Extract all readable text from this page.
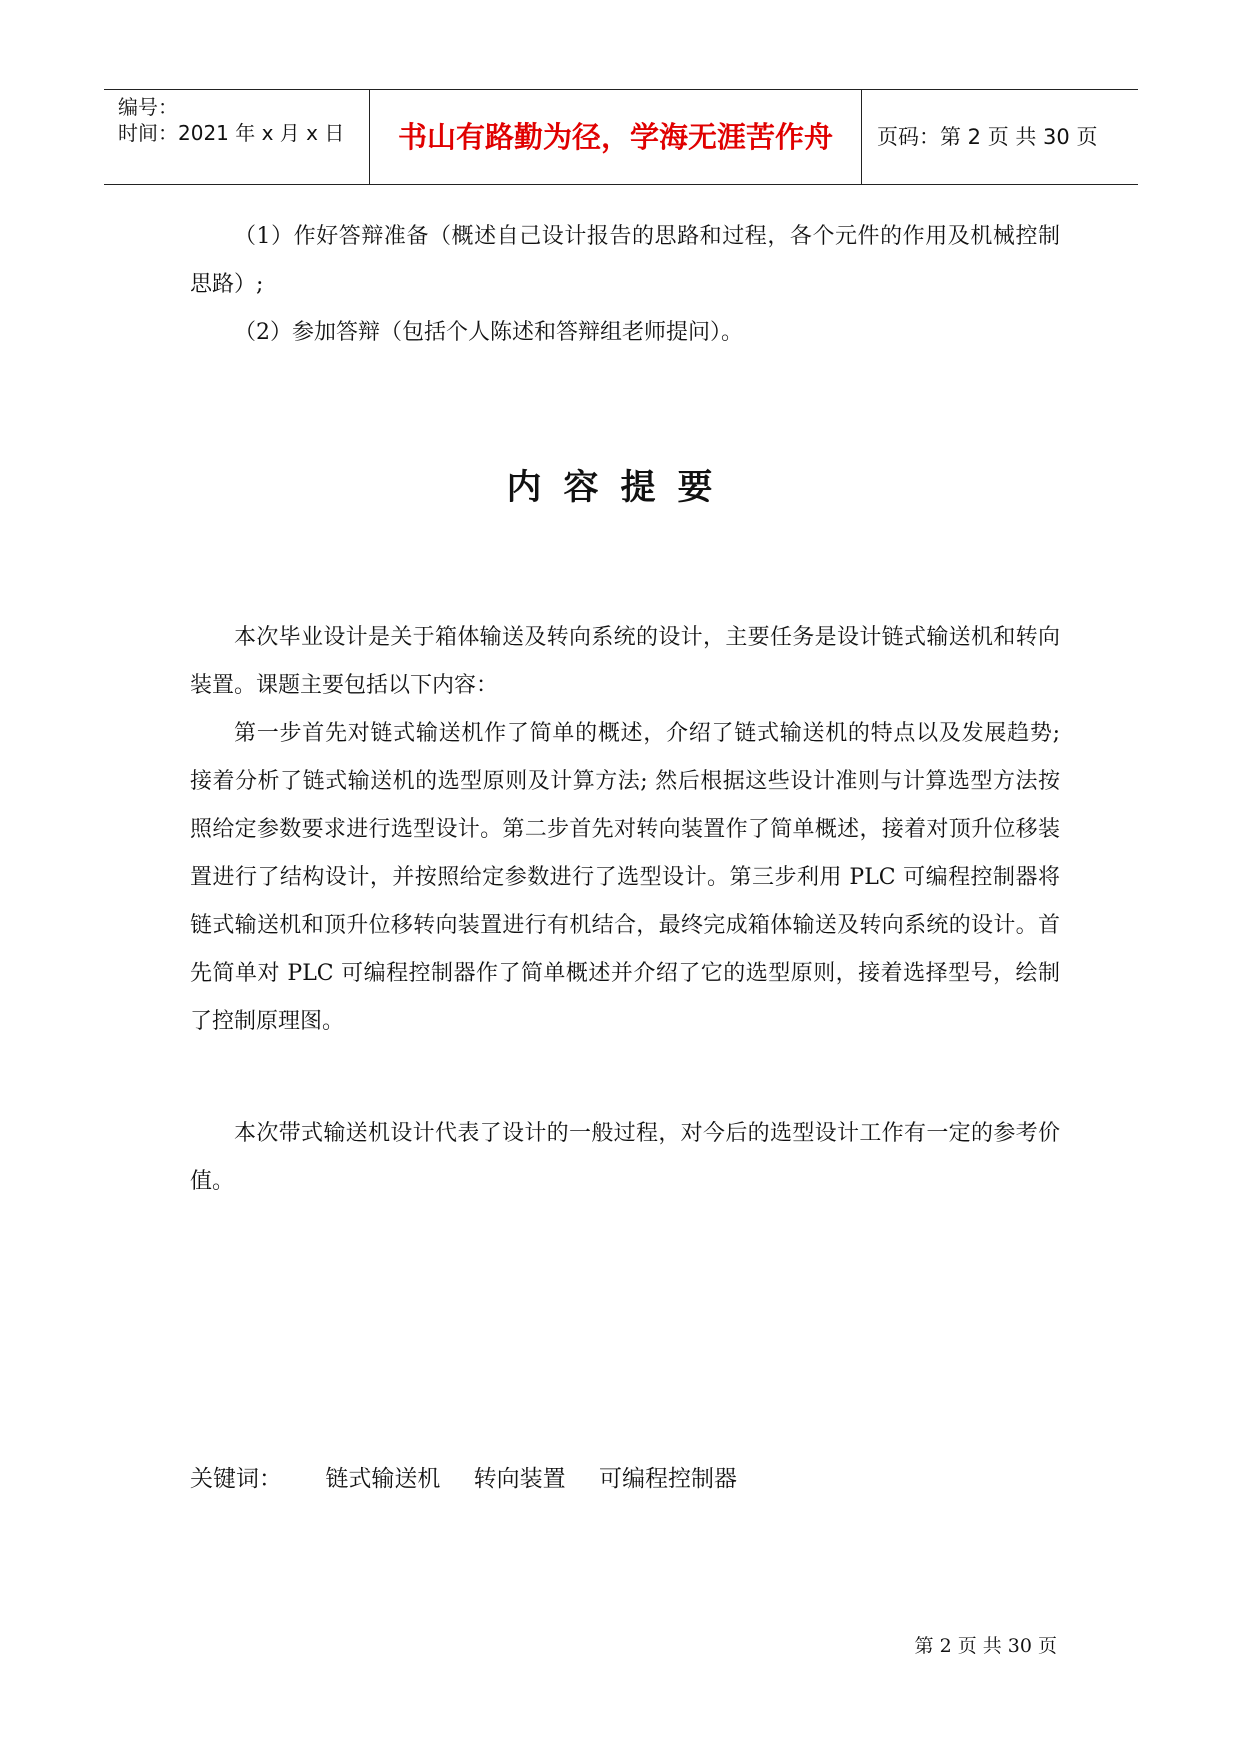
编号：
时间：2021 年 x 月 x 日	书山有路勤为径，学海无涯苦作舟	页码：第 2 页 共 30 页

（1）作好答辩准备（概述自己设计报告的思路和过程，各个元件的作用及机械控制思路）;

（2）参加答辩（包括个人陈述和答辩组老师提问）。

内容提要

本次毕业设计是关于箱体输送及转向系统的设计，主要任务是设计链式输送机和转向装置。课题主要包括以下内容：

第一步首先对链式输送机作了简单的概述，介绍了链式输送机的特点以及发展趋势; 接着分析了链式输送机的选型原则及计算方法; 然后根据这些设计准则与计算选型方法按照给定参数要求进行选型设计。第二步首先对转向装置作了简单概述，接着对顶升位移装置进行了结构设计，并按照给定参数进行了选型设计。第三步利用 PLC 可编程控制器将链式输送机和顶升位移转向装置进行有机结合，最终完成箱体输送及转向系统的设计。首先简单对 PLC 可编程控制器作了简单概述并介绍了它的选型原则，接着选择型号，绘制了控制原理图。

本次带式输送机设计代表了设计的一般过程，对今后的选型设计工作有一定的参考价值。

关键词： 链式输送机 转向装置 可编程控制器
第 2 页 共 30 页
